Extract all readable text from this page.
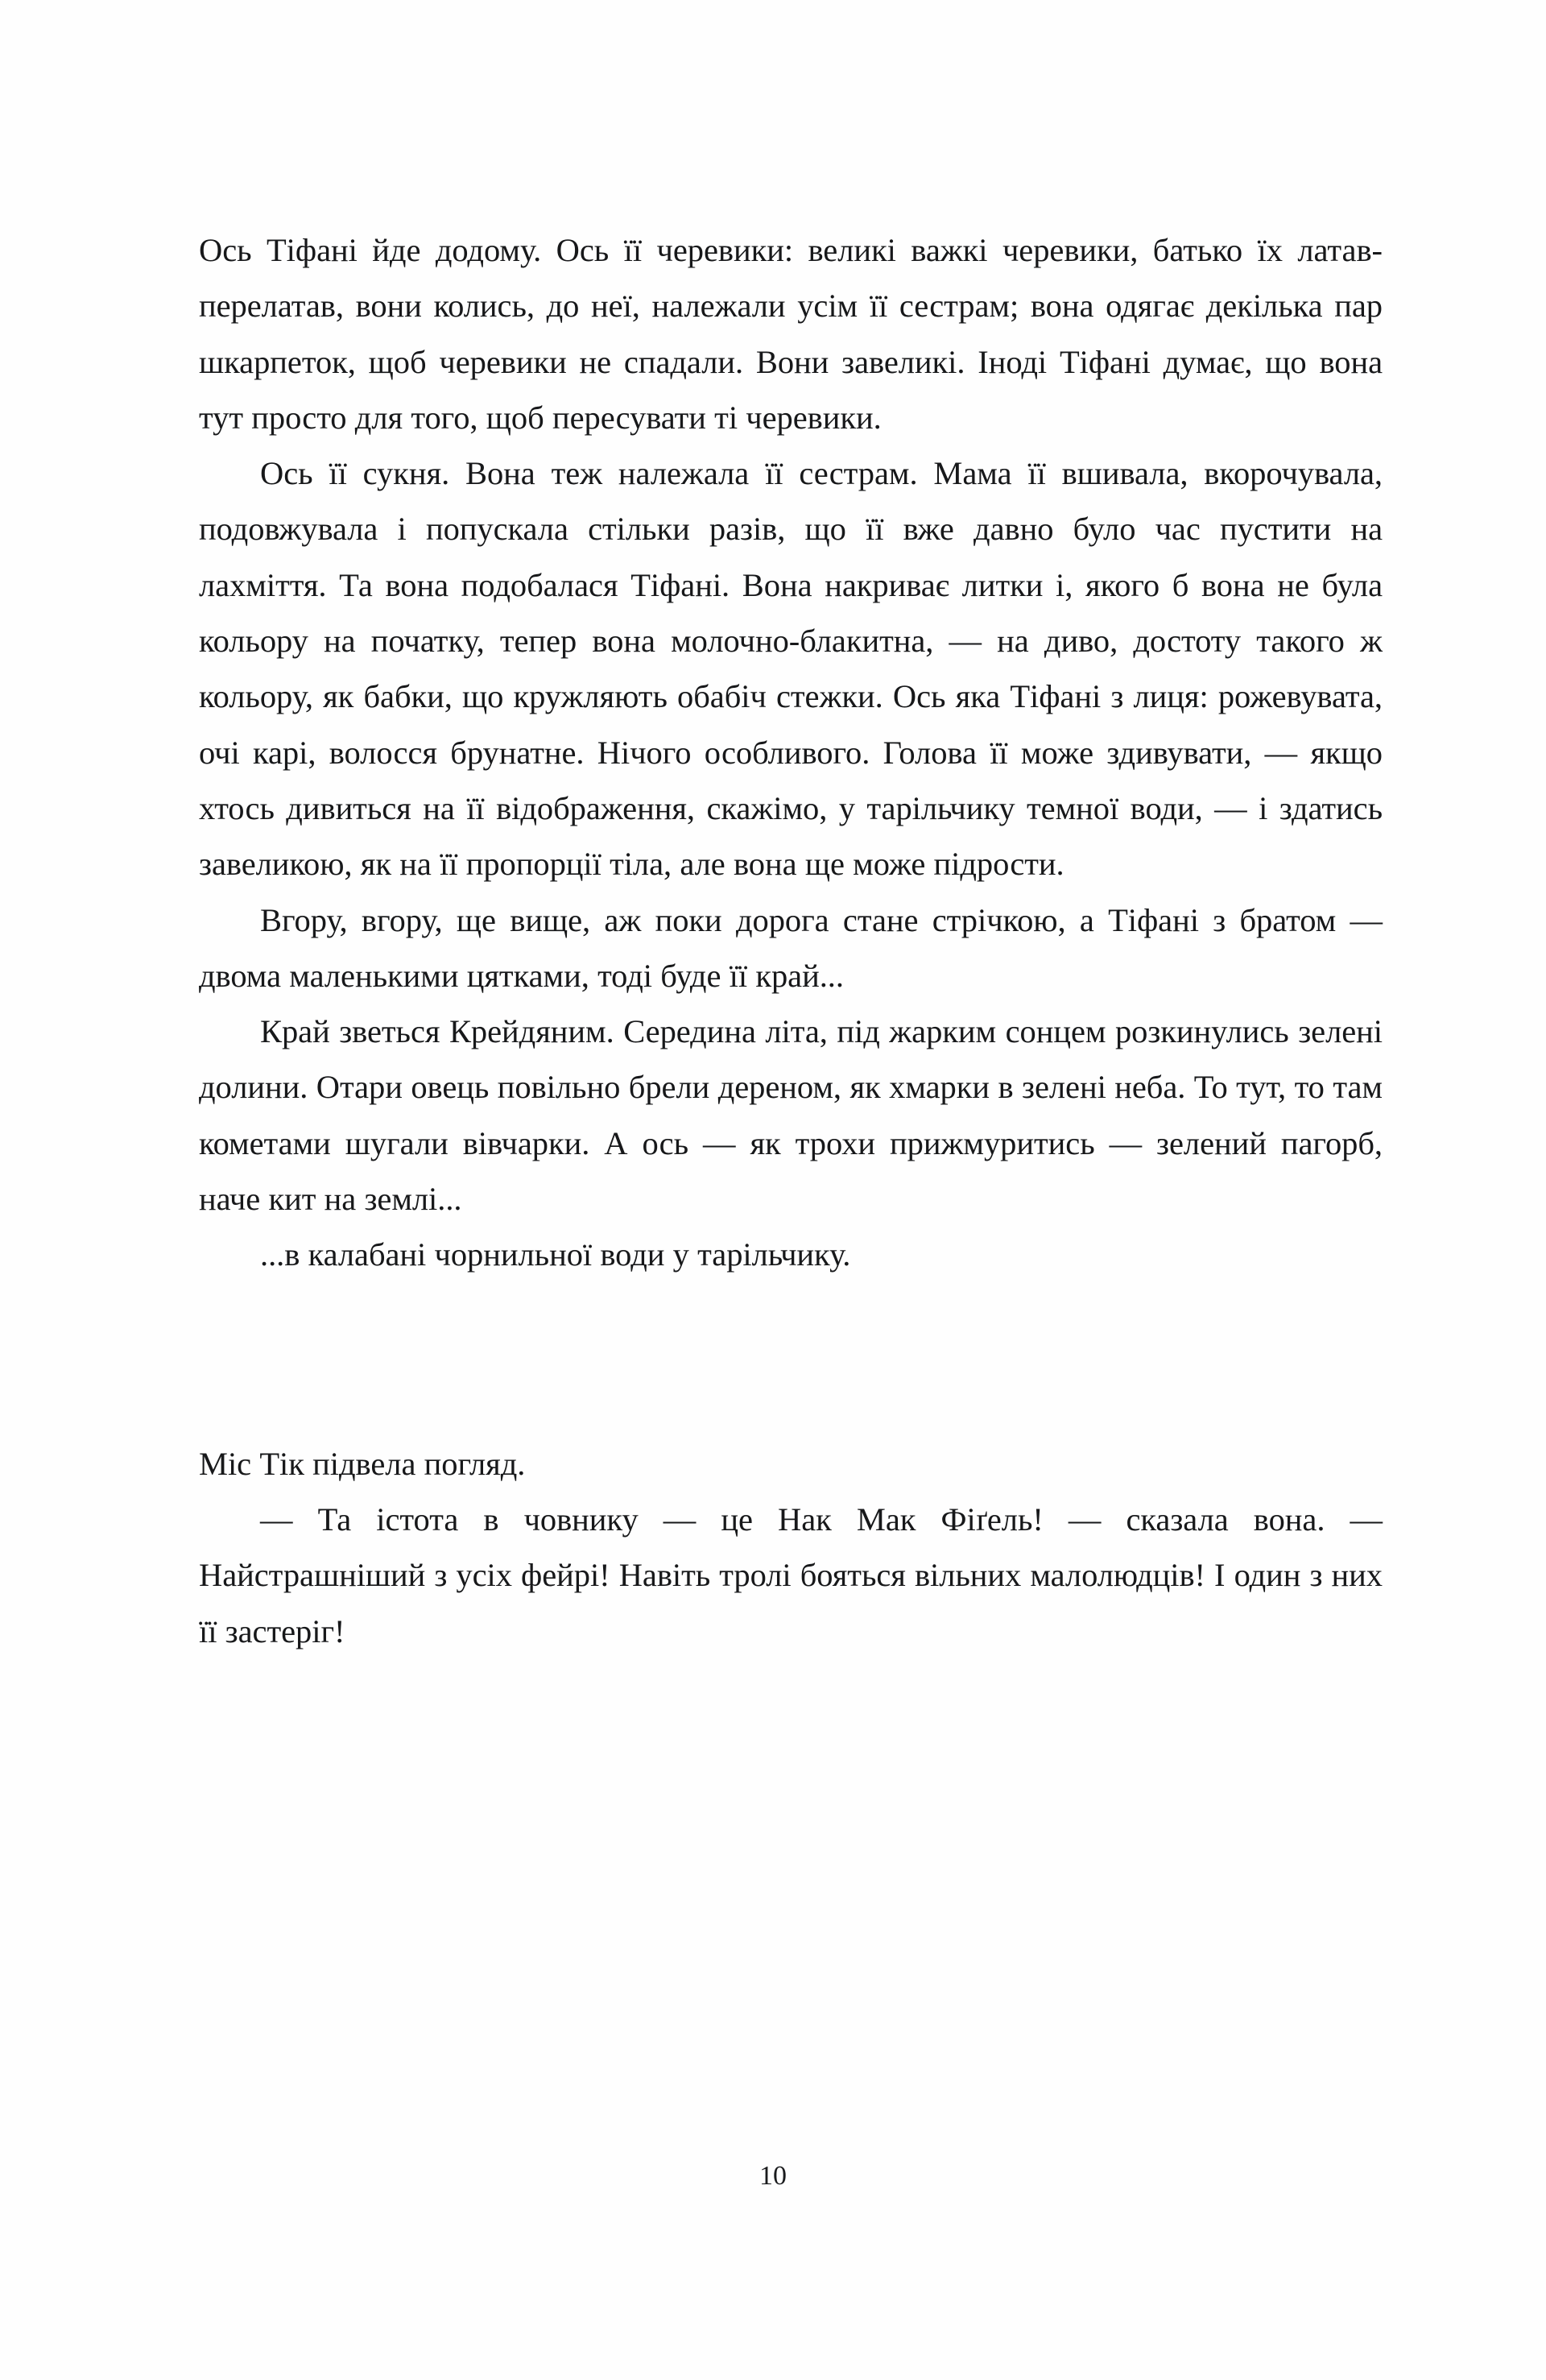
Ось Тіфані йде додому. Ось її черевики: великі важкі черевики, батько їх латав-перелатав, вони колись, до неї, належали усім її сестрам; вона одягає декілька пар шкарпеток, щоб черевики не спадали. Вони завеликі. Іноді Тіфані думає, що вона тут просто для того, щоб пересувати ті черевики.

Ось її сукня. Вона теж належала її сестрам. Мама її вшивала, вкорочувала, подовжувала і попускала стільки разів, що її вже давно було час пустити на лахміття. Та вона подобалася Тіфані. Вона накриває литки і, якого б вона не була кольору на початку, тепер вона молочно-блакитна, — на диво, достоту такого ж кольору, як бабки, що кружляють обабіч стежки. Ось яка Тіфані з лиця: рожевувата, очі карі, волосся брунатне. Нічого особливого. Голова її може здивувати, — якщо хтось дивиться на її відображення, скажімо, у тарільчику темної води, — і здатись завеликою, як на її пропорції тіла, але вона ще може підрости.

Вгору, вгору, ще вище, аж поки дорога стане стрічкою, а Тіфані з братом — двома маленькими цятками, тоді буде її край...

Край зветься Крейдяним. Середина літа, під жарким сонцем розкинулись зелені долини. Отари овець повільно брели дереном, як хмарки в зелені неба. То тут, то там кометами шугали вівчарки. А ось — як трохи прижмуритись — зелений пагорб, наче кит на землі...

...в калабані чорнильної води у тарільчику.

Міс Тік підвела погляд.

— Та істота в човнику — це Нак Мак Фіґель! — сказала вона. — Найстрашніший з усіх фейрі! Навіть тролі бояться вільних малолюдців! І один з них її застеріг!

10
